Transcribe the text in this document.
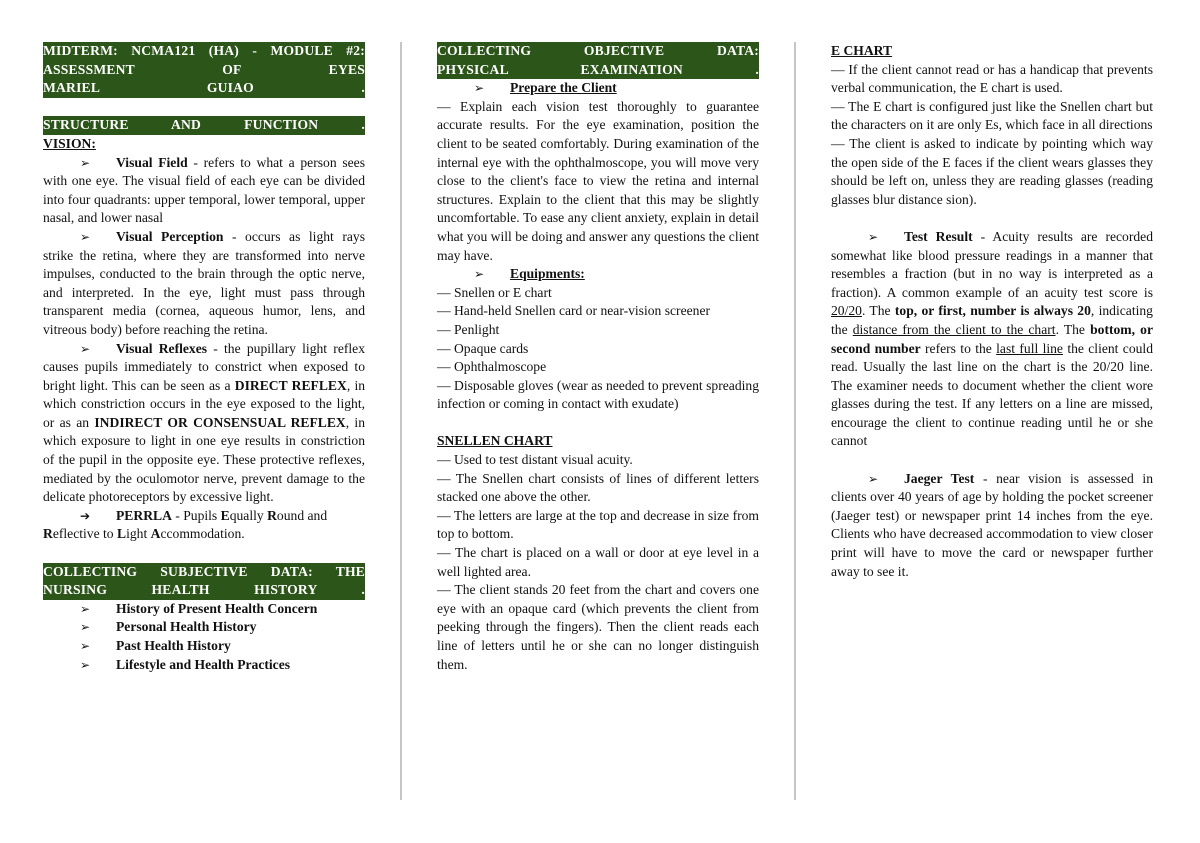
MIDTERM: NCMA121 (HA) - MODULE #2:
ASSESSMENT OF EYES
MARIEL GUIAO .
STRUCTURE AND FUNCTION .
VISION:

➢ Visual Field - refers to what a person sees with one eye. The visual field of each eye can be divided into four quadrants: upper temporal, lower temporal, upper nasal, and lower nasal

➢ Visual Perception - occurs as light rays strike the retina, where they are transformed into nerve impulses, conducted to the brain through the optic nerve, and interpreted. In the eye, light must pass through transparent media (cornea, aqueous humor, lens, and vitreous body) before reaching the retina.

➢ Visual Reflexes - the pupillary light reflex causes pupils immediately to constrict when exposed to bright light. This can be seen as a DIRECT REFLEX, in which constriction occurs in the eye exposed to the light, or as an INDIRECT OR CONSENSUAL REFLEX, in which exposure to light in one eye results in constriction of the pupil in the opposite eye. These protective reflexes, mediated by the oculomotor nerve, prevent damage to the delicate photoreceptors by excessive light.

➔ PERRLA - Pupils Equally Round and Reflective to Light Accommodation.

COLLECTING SUBJECTIVE DATA: THE
NURSING HEALTH HISTORY .
➢ History of Present Health Concern
➢ Personal Health History
➢ Past Health History
➢ Lifestyle and Health Practices
COLLECTING OBJECTIVE DATA:
PHYSICAL EXAMINATION .
➢ Prepare the Client

— Explain each vision test thoroughly to guarantee accurate results. For the eye examination, position the client to be seated comfortably. During examination of the internal eye with the ophthalmoscope, you will move very close to the client's face to view the retina and internal structures. Explain to the client that this may be slightly uncomfortable. To ease any client anxiety, explain in detail what you will be doing and answer any questions the client may have.

➢ Equipments:

— Snellen or E chart

— Hand-held Snellen card or near-vision screener

— Penlight

— Opaque cards

— Ophthalmoscope

— Disposable gloves (wear as needed to prevent spreading infection or coming in contact with exudate)

SNELLEN CHART

— Used to test distant visual acuity.

— The Snellen chart consists of lines of different letters stacked one above the other.

— The letters are large at the top and decrease in size from top to bottom.

— The chart is placed on a wall or door at eye level in a well lighted area.

— The client stands 20 feet from the chart and covers one eye with an opaque card (which prevents the client from peeking through the fingers). Then the client reads each line of letters until he or she can no longer distinguish them.

E CHART

— If the client cannot read or has a handicap that prevents verbal communication, the E chart is used.

— The E chart is configured just like the Snellen chart but the characters on it are only Es, which face in all directions

— The client is asked to indicate by pointing which way the open side of the E faces if the client wears glasses they should be left on, unless they are reading glasses (reading glasses blur distance sion).

➢ Test Result - Acuity results are recorded somewhat like blood pressure readings in a manner that resembles a fraction (but in no way is interpreted as a fraction). A common example of an acuity test score is 20/20. The top, or first, number is always 20, indicating the distance from the client to the chart. The bottom, or second number refers to the last full line the client could read. Usually the last line on the chart is the 20/20 line. The examiner needs to document whether the client wore glasses during the test. If any letters on a line are missed, encourage the client to continue reading until he or she cannot

➢ Jaeger Test - near vision is assessed in clients over 40 years of age by holding the pocket screener (Jaeger test) or newspaper print 14 inches from the eye. Clients who have decreased accommodation to view closer print will have to move the card or newspaper further away to see it.
